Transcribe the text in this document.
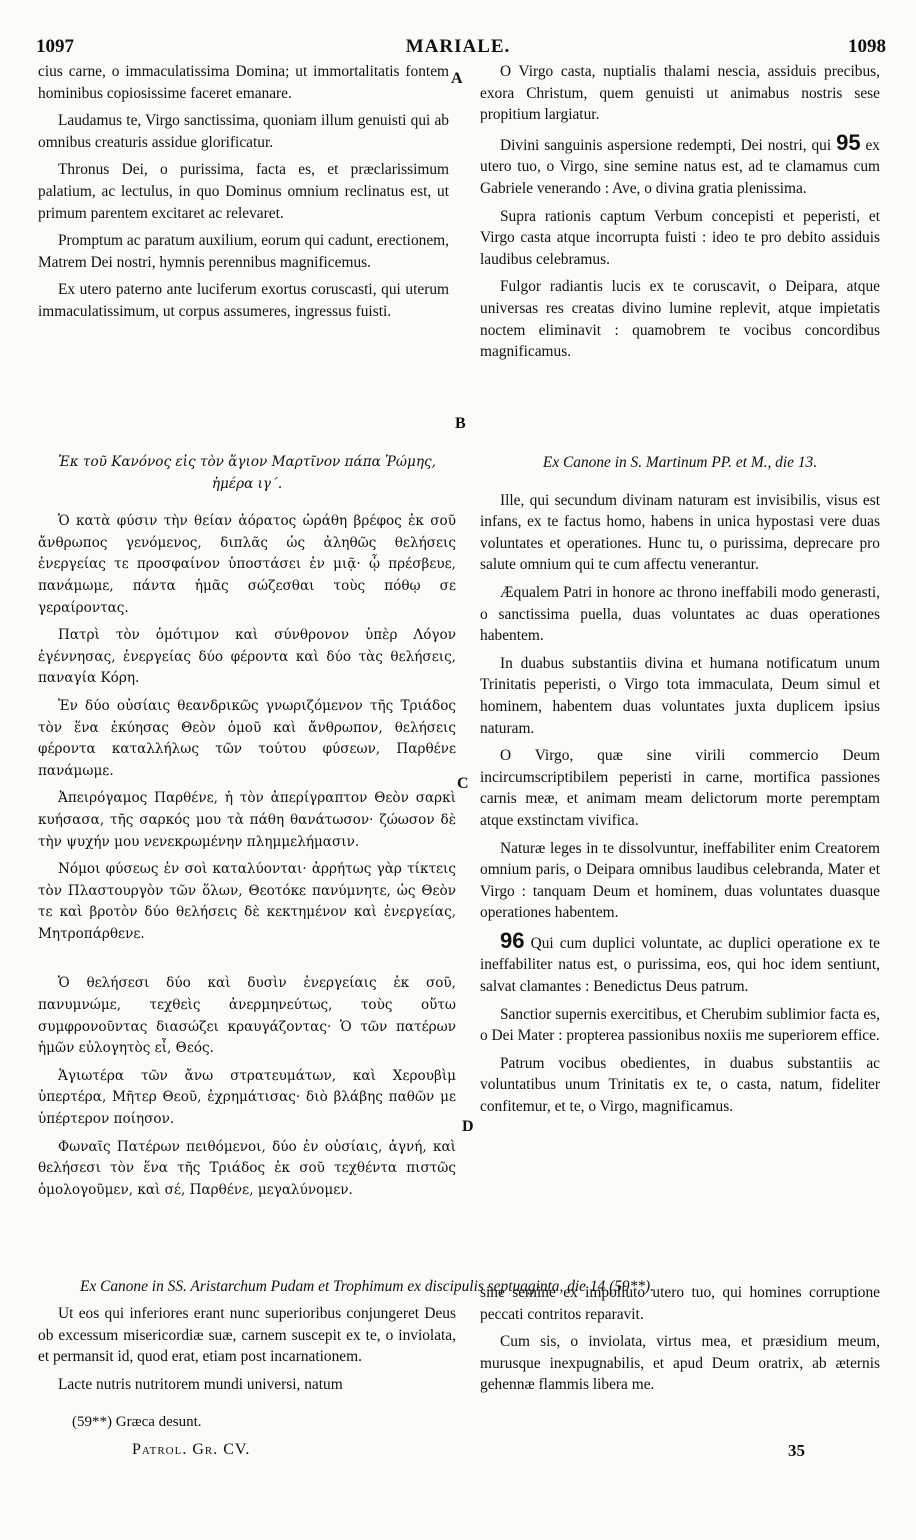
1097	MARIALE.	1098
A
B
C
D

cius carne, o immaculatissima Domina; ut immortalitatis fontem hominibus copiosissime faceret emanare.

Laudamus te, Virgo sanctissima, quoniam illum genuisti qui ab omnibus creaturis assidue glorificatur.

Thronus Dei, o purissima, facta es, et præclarissimum palatium, ac lectulus, in quo Dominus omnium reclinatus est, ut primum parentem excitaret ac relevaret.

Promptum ac paratum auxilium, eorum qui cadunt, erectionem, Matrem Dei nostri, hymnis perennibus magnificemus.

Ex utero paterno ante luciferum exortus coruscasti, qui uterum immaculatissimum, ut corpus assumeres, ingressus fuisti.

O Virgo casta, nuptialis thalami nescia, assiduis precibus, exora Christum, quem genuisti ut animabus nostris sese propitium largiatur.

Divini sanguinis aspersione redempti, Dei nostri, qui 95 ex utero tuo, o Virgo, sine semine natus est, ad te clamamus cum Gabriele venerando : Ave, o divina gratia plenissima.

Supra rationis captum Verbum concepisti et peperisti, et Virgo casta atque incorrupta fuisti : ideo te pro debito assiduis laudibus celebramus.

Fulgor radiantis lucis ex te coruscavit, o Deipara, atque universas res creatas divino lumine replevit, atque impietatis noctem eliminavit : quamobrem te vocibus concordibus magnificamus.

Ἐκ τοῦ Κανόνος εἰς τὸν ἅγιον Μαρτῖνον πάπα Ῥώμης, ἡμέρα ιγ΄.

Ὁ κατὰ φύσιν τὴν θείαν ἀόρατος ὡράθη βρέφος ἐκ σοῦ ἄνθρωπος γενόμενος, διπλᾶς ὡς ἀληθῶς θελήσεις ἐνεργείας τε προσφαίνον ὑποστάσει ἐν μιᾷ· ᾧ πρέσβευε, πανάμωμε, πάντα ἡμᾶς σώζεσθαι τοὺς πόθῳ σε γεραίροντας.

Πατρὶ τὸν ὁμότιμον καὶ σύνθρονον ὑπὲρ Λόγον ἐγέννησας, ἐνεργείας δύο φέροντα καὶ δύο τὰς θελήσεις, παναγία Κόρη.

Ἐν δύο οὐσίαις θεανδρικῶς γνωριζόμενον τῆς Τριάδος τὸν ἕνα ἐκύησας Θεὸν ὁμοῦ καὶ ἄνθρωπον, θελήσεις φέροντα καταλλήλως τῶν τούτου φύσεων, Παρθένε πανάμωμε.

Ἀπειρόγαμος Παρθένε, ἡ τὸν ἀπερίγραπτον Θεὸν σαρκὶ κυήσασα, τῆς σαρκός μου τὰ πάθη θανάτωσον· ζώωσον δὲ τὴν ψυχήν μου νενεκρωμένην πλημμελήμασιν.

Νόμοι φύσεως ἐν σοὶ καταλύονται· ἀρρήτως γὰρ τίκτεις τὸν Πλαστουργὸν τῶν ὅλων, Θεοτόκε πανύμνητε, ὡς Θεὸν τε καὶ βροτὸν δύο θελήσεις δὲ κεκτημένον καὶ ἐνεργείας, Μητροπάρθενε.

Ὁ θελήσεσι δύο καὶ δυσὶν ἐνεργείαις ἐκ σοῦ, πανυμνώμε, τεχθεὶς ἀνερμηνεύτως, τοὺς οὕτω συμφρονοῦντας διασώζει κραυγάζοντας· Ὁ τῶν πατέρων ἡμῶν εὐλογητὸς εἶ, Θεός.

Ἁγιωτέρα τῶν ἄνω στρατευμάτων, καὶ Χερουβὶμ ὑπερτέρα, Μῆτερ Θεοῦ, ἐχρημάτισας· διὸ βλάβης παθῶν με ὑπέρτερον ποίησον.

Φωναῖς Πατέρων πειθόμενοι, δύο ἐν οὐσίαις, ἁγνή, καὶ θελήσεσι τὸν ἕνα τῆς Τριάδος ἐκ σοῦ τεχθέντα πιστῶς ὁμολογοῦμεν, καὶ σέ, Παρθένε, μεγαλύνομεν.

Ex Canone in S. Martinum PP. et M., die 13.

Ille, qui secundum divinam naturam est invisibilis, visus est infans, ex te factus homo, habens in unica hypostasi vere duas voluntates et operationes. Hunc tu, o purissima, deprecare pro salute omnium qui te cum affectu venerantur.

Æqualem Patri in honore ac throno ineffabili modo generasti, o sanctissima puella, duas voluntates ac duas operationes habentem.

In duabus substantiis divina et humana notificatum unum Trinitatis peperisti, o Virgo tota immaculata, Deum simul et hominem, habentem duas voluntates juxta duplicem ipsius naturam.

O Virgo, quæ sine virili commercio Deum incircumscriptibilem peperisti in carne, mortifica passiones carnis meæ, et animam meam delictorum morte peremptam atque exstinctam vivifica.

Naturæ leges in te dissolvuntur, ineffabiliter enim Creatorem omnium paris, o Deipara omnibus laudibus celebranda, Mater et Virgo : tanquam Deum et hominem, duas voluntates duasque operationes habentem.

96 Qui cum duplici voluntate, ac duplici operatione ex te ineffabiliter natus est, o purissima, eos, qui hoc idem sentiunt, salvat clamantes : Benedictus Deus patrum.

Sanctior supernis exercitibus, et Cherubim sublimior facta es, o Dei Mater : propterea passionibus noxiis me superiorem effice.

Patrum vocibus obedientes, in duabus substantiis ac voluntatibus unum Trinitatis ex te, o casta, natum, fideliter confitemur, et te, o Virgo, magnificamus.

Ex Canone in SS. Aristarchum Pudam et Trophimum ex discipulis septuaginta, die 14 (59**).

Ut eos qui inferiores erant nunc superioribus conjungeret Deus ob excessum misericordiæ suæ, carnem suscepit ex te, o inviolata, et permansit id, quod erat, etiam post incarnationem.

Lacte nutris nutritorem mundi universi, natum

sine semine ex impolluto utero tuo, qui homines corruptione peccati contritos reparavit.

Cum sis, o inviolata, virtus mea, et præsidium meum, murusque inexpugnabilis, et apud Deum oratrix, ab æternis gehennæ flammis libera me.

(59**) Græca desunt.
Patrol. Gr. CV.	35
